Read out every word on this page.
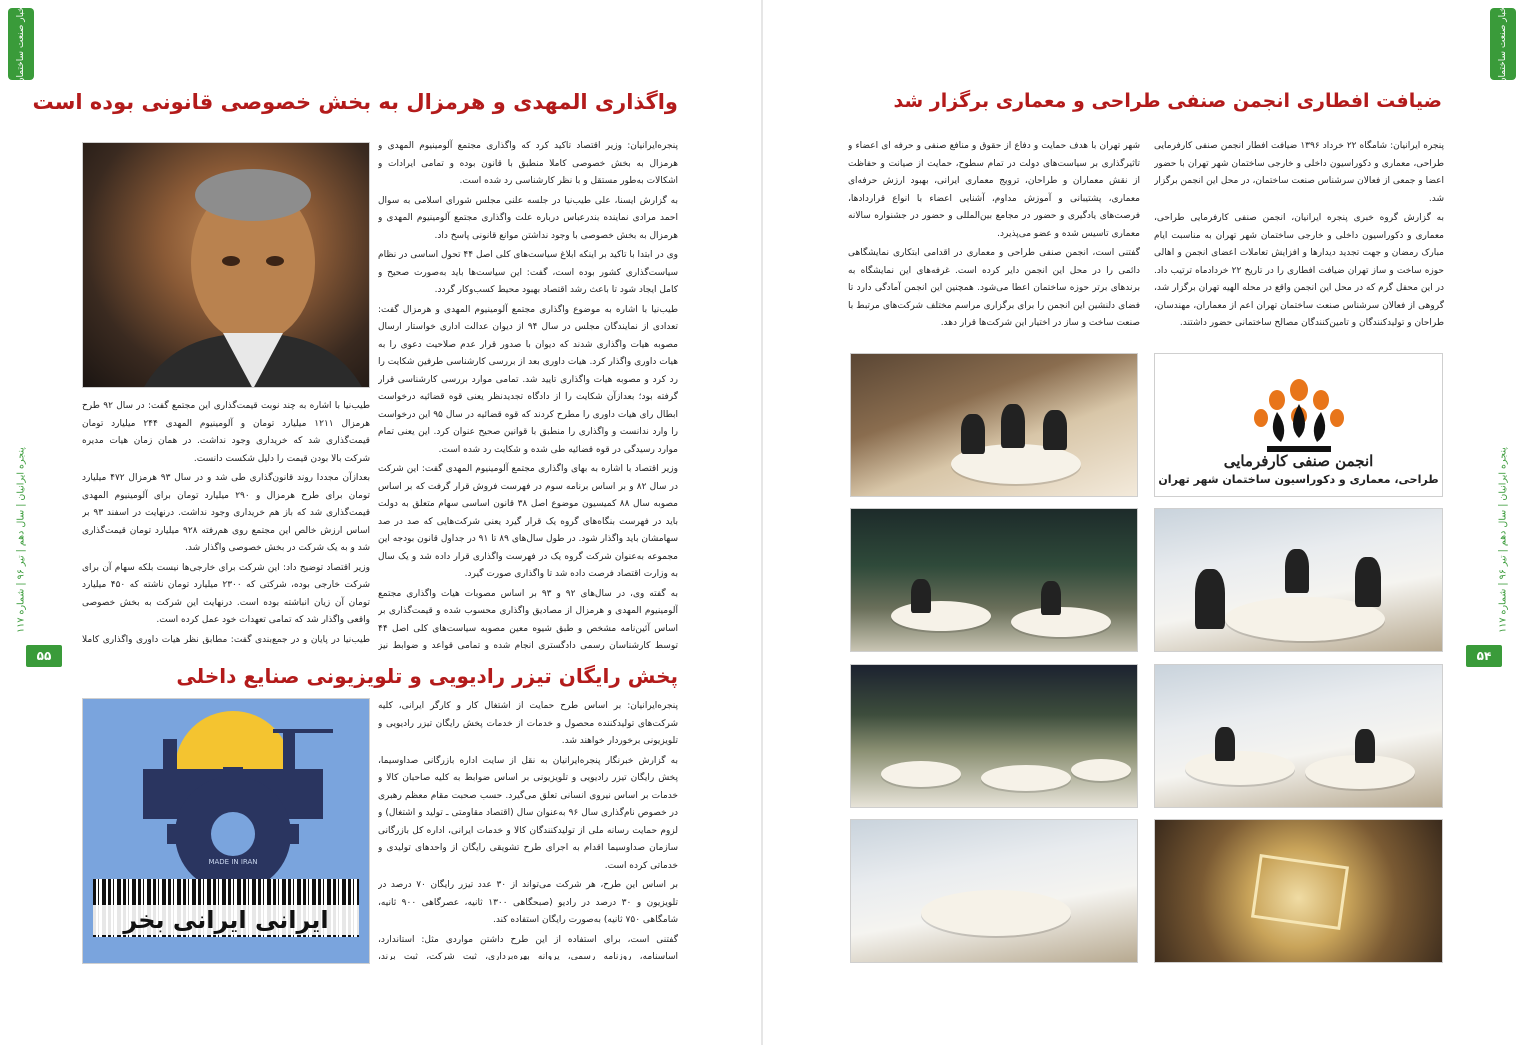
اخبار صنعت ساختمان
پنجره ایرانیان | سال دهم | تیر ۹۶ | شماره ۱۱۷
۵۵
واگذاری المهدی و هرمزال به بخش خصوصی قانونی بوده است

پنجره‌ایرانیان: وزیر اقتصاد تاکید کرد که واگذاری مجتمع آلومینیوم المهدی و هرمزال به بخش خصوصی کاملا منطبق با قانون بوده و تمامی ایرادات و اشکالات به‌طور مستقل و با نظر کارشناسی رد شده است.

به گزارش ایسنا، علی طیب‌نیا در جلسه علنی مجلس شورای اسلامی به سوال احمد مرادی نماینده بندرعباس درباره علت واگذاری مجتمع آلومینیوم المهدی و هرمزال به بخش خصوصی با وجود نداشتن موانع قانونی پاسخ داد.

وی در ابتدا با تاکید بر اینکه ابلاغ سیاست‌های کلی اصل ۴۴ تحول اساسی در نظام سیاست‌گذاری کشور بوده است، گفت: این سیاست‌ها باید به‌صورت صحیح و کامل ایجاد شود تا باعث رشد اقتصاد بهبود محیط کسب‌وکار گردد.

طیب‌نیا با اشاره به موضوع واگذاری مجتمع آلومینیوم المهدی و هرمزال گفت: تعدادی از نمایندگان مجلس در سال ۹۴ از دیوان عدالت اداری خواستار ارسال مصوبه هیات واگذاری شدند که دیوان با صدور قرار عدم صلاحیت دعوی را به هیات داوری واگذار کرد. هیات داوری بعد از بررسی کارشناسی طرفین شکایت را رد کرد و مصوبه هیات واگذاری تایید شد. تمامی موارد بررسی کارشناسی قرار گرفته بود؛ بعدازآن شکایت را از دادگاه تجدیدنظر یعنی قوه قضائیه درخواست ابطال رای هیات داوری را مطرح کردند که قوه قضائیه در سال ۹۵ این درخواست را وارد ندانست و واگذاری را منطبق با قوانین صحیح عنوان کرد. این یعنی تمام موارد رسیدگی در قوه قضائیه طی شده و شکایت رد شده است.

وزیر اقتصاد با اشاره به بهای واگذاری مجتمع آلومینیوم المهدی گفت: این شرکت در سال ۸۲ و بر اساس برنامه سوم در فهرست فروش قرار گرفت که بر اساس مصوبه سال ۸۸ کمیسیون موضوع اصل ۳۸ قانون اساسی سهام متعلق به دولت باید در فهرست بنگاه‌های گروه یک قرار گیرد یعنی شرکت‌هایی که صد در صد سهامشان باید واگذار شود. در طول سال‌های ۸۹ تا ۹۱ در جداول قانون بودجه این مجموعه به‌عنوان شرکت گروه یک در فهرست واگذاری قرار داده شد و یک سال به وزارت اقتصاد فرصت داده شد تا واگذاری صورت گیرد.

به گفته وی، در سال‌های ۹۲ و ۹۳ بر اساس مصوبات هیات واگذاری مجتمع آلومینیوم المهدی و هرمزال از مصادیق واگذاری محسوب شده و قیمت‌گذاری بر اساس آئین‌نامه مشخص و طبق شیوه معین مصوبه سیاست‌های کلی اصل ۴۴ توسط کارشناسان رسمی دادگستری انجام شده و تمامی قواعد و ضوابط نیز

طیب‌نیا با اشاره به چند نوبت قیمت‌گذاری این مجتمع گفت: در سال ۹۲ طرح هرمزال ۱۲۱۱ میلیارد تومان و آلومینیوم المهدی ۲۴۴ میلیارد تومان قیمت‌گذاری شد که خریداری وجود نداشت. در همان زمان هیات مدیره شرکت بالا بودن قیمت را دلیل شکست دانست.

بعدازآن مجددا روند قانون‌گذاری طی شد و در سال ۹۳ هرمزال ۴۷۲ میلیارد تومان برای طرح هرمزال و ۲۹۰ میلیارد تومان برای آلومینیوم المهدی قیمت‌گذاری شد که باز هم خریداری وجود نداشت. درنهایت در اسفند ۹۳ بر اساس ارزش خالص این مجتمع روی هم‌رفته ۹۲۸ میلیارد تومان قیمت‌گذاری شد و به یک شرکت در بخش خصوصی واگذار شد.

وزیر اقتصاد توضیح داد: این شرکت برای خارجی‌ها نیست بلکه سهام آن برای شرکت خارجی بوده، شرکتی که ۲۳۰۰ میلیارد تومان ناشته که ۴۵۰ میلیارد تومان آن زیان انباشته بوده است. درنهایت این شرکت به بخش خصوصی واقعی واگذار شد که تمامی تعهدات خود عمل کرده است.

طیب‌نیا در پایان و در جمع‌بندی گفت: مطابق نظر هیات داوری واگذاری کاملا

پخش رایگان تیزر رادیویی و تلویزیونی صنایع داخلی

پنجره‌ایرانیان: بر اساس طرح حمایت از اشتغال کار و کارگر ایرانی، کلیه شرکت‌های تولیدکننده محصول و خدمات از خدمات پخش رایگان تیزر رادیویی و تلویزیونی برخوردار خواهند شد.

به گزارش خبرنگار پنجره‌ایرانیان به نقل از سایت اداره بازرگانی صداوسیما، پخش رایگان تیزر رادیویی و تلویزیونی بر اساس ضوابط به کلیه صاحبان کالا و خدمات بر اساس نیروی انسانی تعلق می‌گیرد. حسب صحبت مقام معظم رهبری در خصوص نام‌گذاری سال ۹۶ به‌عنوان سال (اقتصاد مقاومتی ـ تولید و اشتغال) و لزوم حمایت رسانه ملی از تولیدکنندگان کالا و خدمات ایرانی، اداره کل بازرگانی سازمان صداوسیما اقدام به اجرای طرح تشویقی رایگان از واحدهای تولیدی و خدماتی کرده است.

بر اساس این طرح، هر شرکت می‌تواند از ۳۰ عدد تیزر رایگان ۷۰ درصد در تلویزیون و ۳۰ درصد در رادیو (صبحگاهی ۱۳۰۰ ثانیه، عصرگاهی ۹۰۰ ثانیه، شامگاهی ۷۵۰ ثانیه) به‌صورت رایگان استفاده کند.

گفتنی است، برای استفاده از این طرح داشتن مواردی مثل: استاندارد، اساسنامه، روزنامه رسمی، پروانه بهره‌برداری، ثبت شرکت، ثبت برند،

MADE IN IRAN
ایرانی ایرانی بخر
اخبار صنعت ساختمان
پنجره ایرانیان | سال دهم | تیر ۹۶ | شماره ۱۱۷
۵۴
ضیافت افطاری انجمن صنفی طراحی و معماری برگزار شد

پنجره ایرانیان: شامگاه ۲۲ خرداد ۱۳۹۶ ضیافت افطار انجمن صنفی کارفرمایی طراحی، معماری و دکوراسیون داخلی و خارجی ساختمان شهر تهران با حضور اعضا و جمعی از فعالان سرشناس صنعت ساختمان، در محل این انجمن برگزار شد.

به گزارش گروه خبری پنجره ایرانیان، انجمن صنفی کارفرمایی طراحی، معماری و دکوراسیون داخلی و خارجی ساختمان شهر تهران به مناسبت ایام مبارک رمضان و جهت تجدید دیدارها و افزایش تعاملات اعضای انجمن و اهالی حوزه ساخت و ساز تهران ضیافت افطاری را در تاریخ ۲۲ خردادماه ترتیب داد. در این محفل گرم که در محل این انجمن واقع در محله الهیه تهران برگزار شد، گروهی از فعالان سرشناس صنعت ساختمان تهران اعم از معماران، مهندسان، طراحان و تولیدکنندگان و تامین‌کنندگان مصالح ساختمانی حضور داشتند.

شهر تهران با هدف حمایت و دفاع از حقوق و منافع صنفی و حرفه ای اعضاء و تاثیرگذاری بر سیاست‌های دولت در تمام سطوح، حمایت از صیانت و حفاظت از نقش معماران و طراحان، ترویج معماری ایرانی، بهبود ارزش حرفه‌ای معماری، پشتیبانی و آموزش مداوم، آشنایی اعضاء با انواع قراردادها، فرصت‌های یادگیری و حضور در مجامع بین‌المللی و حضور در جشنواره سالانه معماری تاسیس شده و عضو می‌پذیرد.

گفتنی است، انجمن صنفی طراحی و معماری در اقدامی ابتکاری نمایشگاهی دائمی را در محل این انجمن دایر کرده است. غرفه‌های این نمایشگاه به برندهای برتر حوزه ساختمان اعطا می‌شود. همچنین این انجمن آمادگی دارد تا فضای دلنشین این انجمن را برای برگزاری مراسم مختلف شرکت‌های مرتبط با صنعت ساخت و ساز در اختیار این شرکت‌ها قرار دهد.

انجمن صنفی کارفرمایی
طراحی، معماری و دکوراسیون ساختمان شهر تهران
